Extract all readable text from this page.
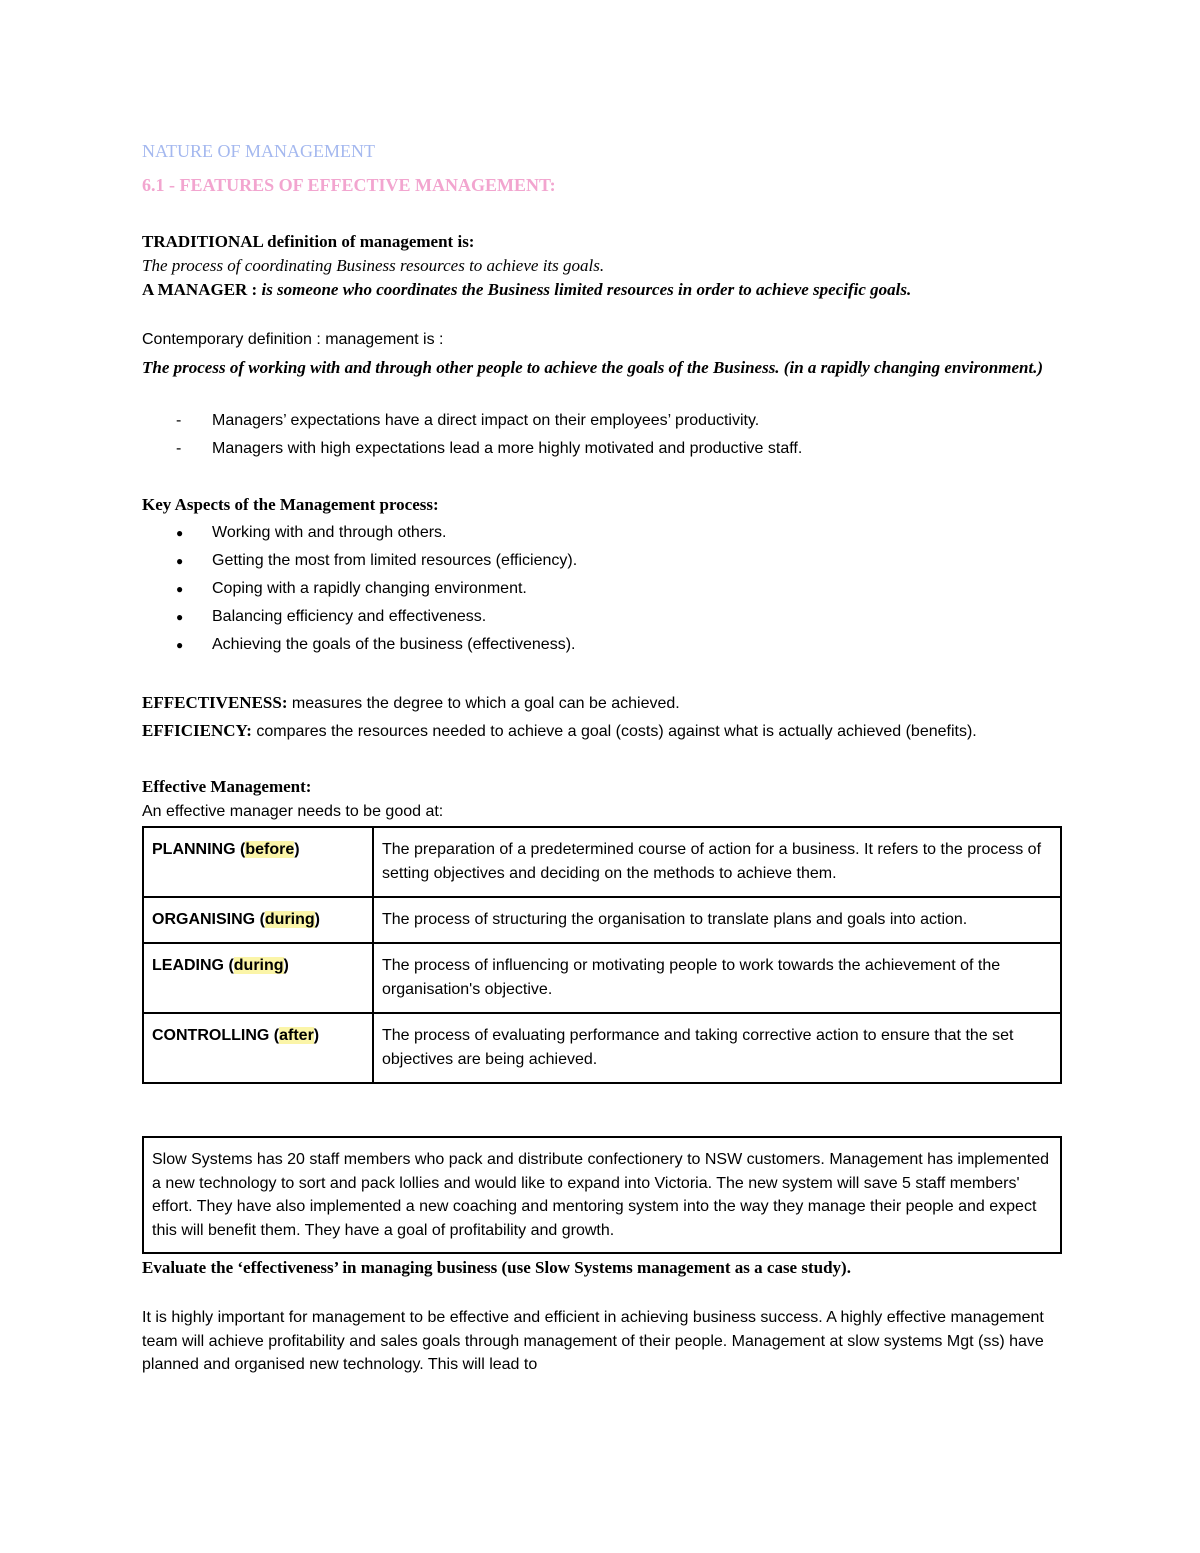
NATURE OF MANAGEMENT

6.1 - FEATURES OF EFFECTIVE MANAGEMENT:

TRADITIONAL definition of management is:

The process of coordinating Business resources to achieve its goals.

A MANAGER : is someone who coordinates the Business limited resources in order to achieve specific goals.

Contemporary definition : management is :

The process of working with and through other people to achieve the goals of the Business. (in a rapidly changing environment.)

- Managers’ expectations have a direct impact on their employees’ productivity.
- Managers with high expectations lead a more highly motivated and productive staff.

Key Aspects of the Management process:

● Working with and through others.
● Getting the most from limited resources (efficiency).
● Coping with a rapidly changing environment.
● Balancing efficiency and effectiveness.
● Achieving the goals of the business (effectiveness).

EFFECTIVENESS: measures the degree to which a goal can be achieved.

EFFICIENCY: compares the resources needed to achieve a goal (costs) against what is actually achieved (benefits).

Effective Management:

An effective manager needs to be good at:

PLANNING (before)	The preparation of a predetermined course of action for a business. It refers to the process of setting objectives and deciding on the methods to achieve them.
ORGANISING (during)	The process of structuring the organisation to translate plans and goals into action.
LEADING (during)	The process of influencing or motivating people to work towards the achievement of the organisation's objective.
CONTROLLING (after)	The process of evaluating performance and taking corrective action to ensure that the set objectives are being achieved.
Slow Systems has 20 staff members who pack and distribute confectionery to NSW customers. Management has implemented a new technology to sort and pack lollies and would like to expand into Victoria. The new system will save 5 staff members' effort. They have also implemented a new coaching and mentoring system into the way they manage their people and expect this will benefit them. They have a goal of profitability and growth.

Evaluate the ‘effectiveness’ in managing business (use Slow Systems management as a case study).

It is highly important for management to be effective and efficient in achieving business success. A highly effective management team will achieve profitability and sales goals through management of their people. Management at slow systems Mgt (ss) have planned and organised new technology. This will lead to
